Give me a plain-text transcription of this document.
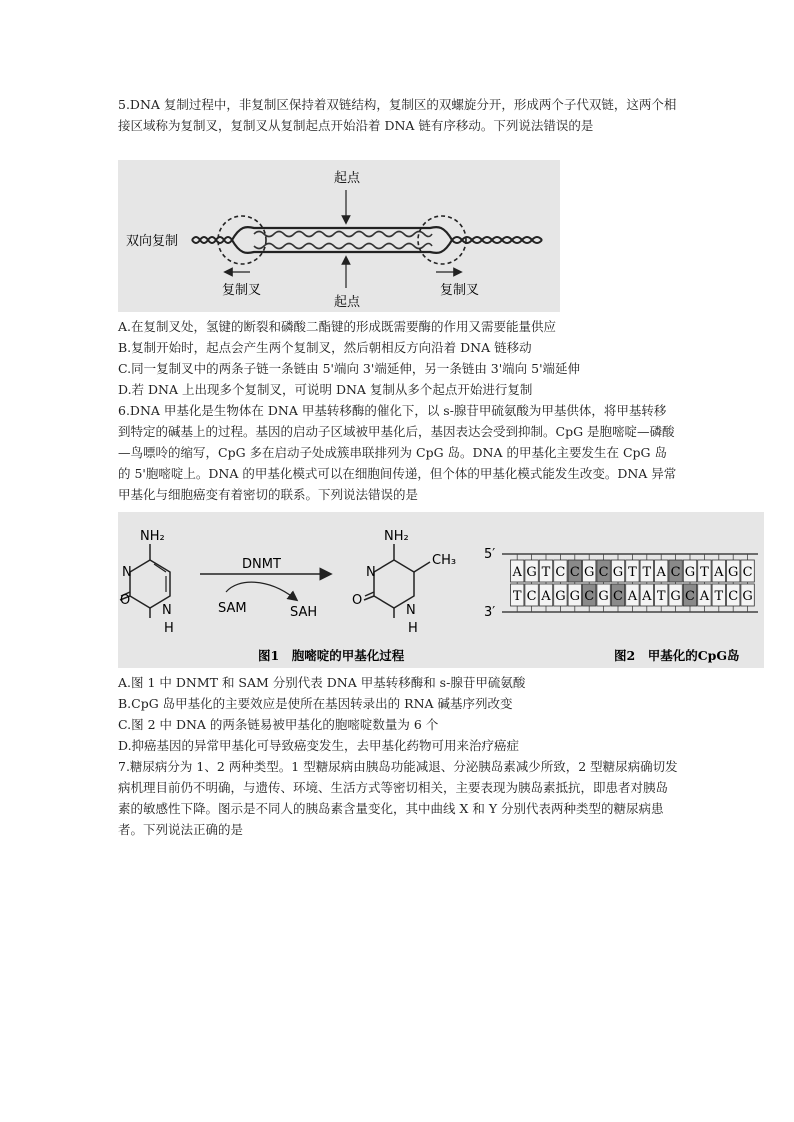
5.DNA 复制过程中，非复制区保持着双链结构，复制区的双螺旋分开，形成两个子代双链，这两个相接区域称为复制叉，复制叉从复制起点开始沿着 DNA 链有序移动。下列说法错误的是

起点
起点
双向复制
复制叉	复制叉

A.在复制叉处，氢键的断裂和磷酸二酯键的形成既需要酶的作用又需要能量供应

B.复制开始时，起点会产生两个复制叉，然后朝相反方向沿着 DNA 链移动

C.同一复制叉中的两条子链一条链由 5'端向 3'端延伸，另一条链由 3'端向 5'端延伸

D.若 DNA 上出现多个复制叉，可说明 DNA 复制从多个起点开始进行复制

6.DNA 甲基化是生物体在 DNA 甲基转移酶的催化下，以 s-腺苷甲硫氨酸为甲基供体，将甲基转移到特定的碱基上的过程。基因的启动子区域被甲基化后，基因表达会受到抑制。CpG 是胞嘧啶—磷酸—鸟嘌呤的缩写，CpG 多在启动子处成簇串联排列为 CpG 岛。DNA 的甲基化主要发生在 CpG 岛的 5'胞嘧啶上。DNA 的甲基化模式可以在细胞间传递，但个体的甲基化模式能发生改变。DNA 异常甲基化与细胞癌变有着密切的联系。下列说法错误的是

NH₂
N
O
N
H
DNMT
SAM	SAH
NH₂
CH₃
N
O
N
H
图1　胞嘧啶的甲基化过程
5′
3′
A
T
G
C
T
A
C
G
C
G
G
C
C
G
G
C
T
A
T
A
A
T
C
G
G
C
T
A
A
T
G
C
C
G
图2　甲基化的CpG岛

A.图 1 中 DNMT 和 SAM 分别代表 DNA 甲基转移酶和 s-腺苷甲硫氨酸

B.CpG 岛甲基化的主要效应是使所在基因转录出的 RNA 碱基序列改变

C.图 2 中 DNA 的两条链易被甲基化的胞嘧啶数量为 6 个

D.抑癌基因的异常甲基化可导致癌变发生，去甲基化药物可用来治疗癌症

7.糖尿病分为 1、2 两种类型。1 型糖尿病由胰岛功能减退、分泌胰岛素减少所致，2 型糖尿病确切发病机理目前仍不明确，与遗传、环境、生活方式等密切相关，主要表现为胰岛素抵抗，即患者对胰岛素的敏感性下降。图示是不同人的胰岛素含量变化，其中曲线 X 和 Y 分别代表两种类型的糖尿病患者。下列说法正确的是
